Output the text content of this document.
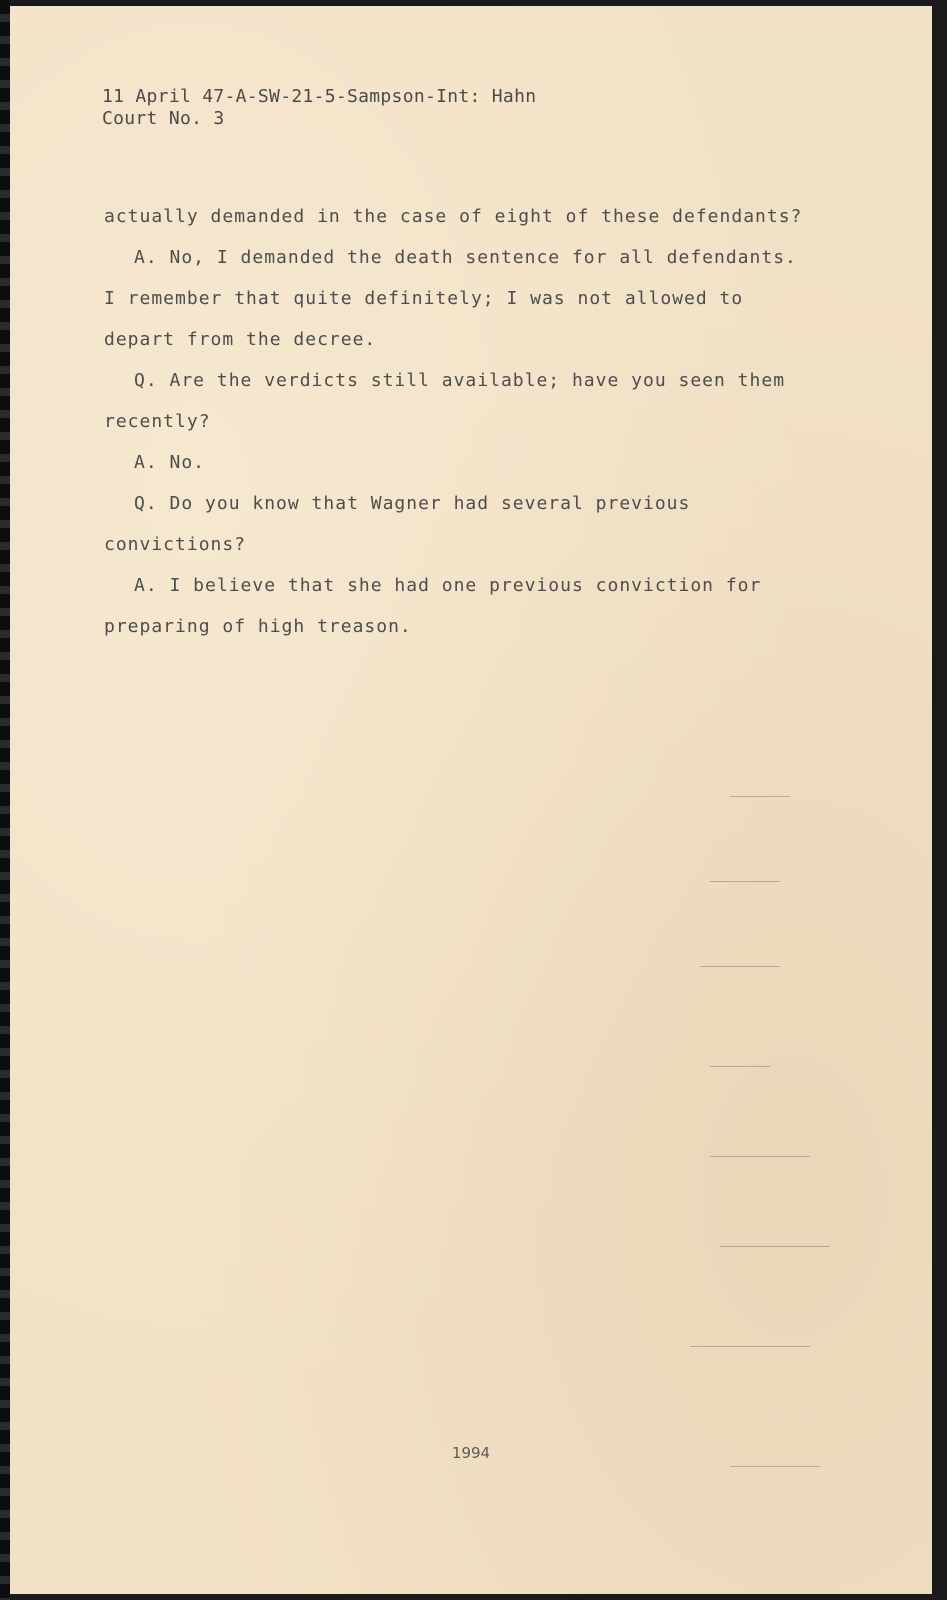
11 April 47-A-SW-21-5-Sampson-Int: Hahn
Court No. 3
actually demanded in the case of eight of these defendants?
A. No, I demanded the death sentence for all defendants.
I remember that quite definitely; I was not allowed to
depart from the decree.
Q. Are the verdicts still available; have you seen them
recently?
A. No.
Q. Do you know that Wagner had several previous
convictions?
A. I believe that she had one previous conviction for
preparing of high treason.
1994
